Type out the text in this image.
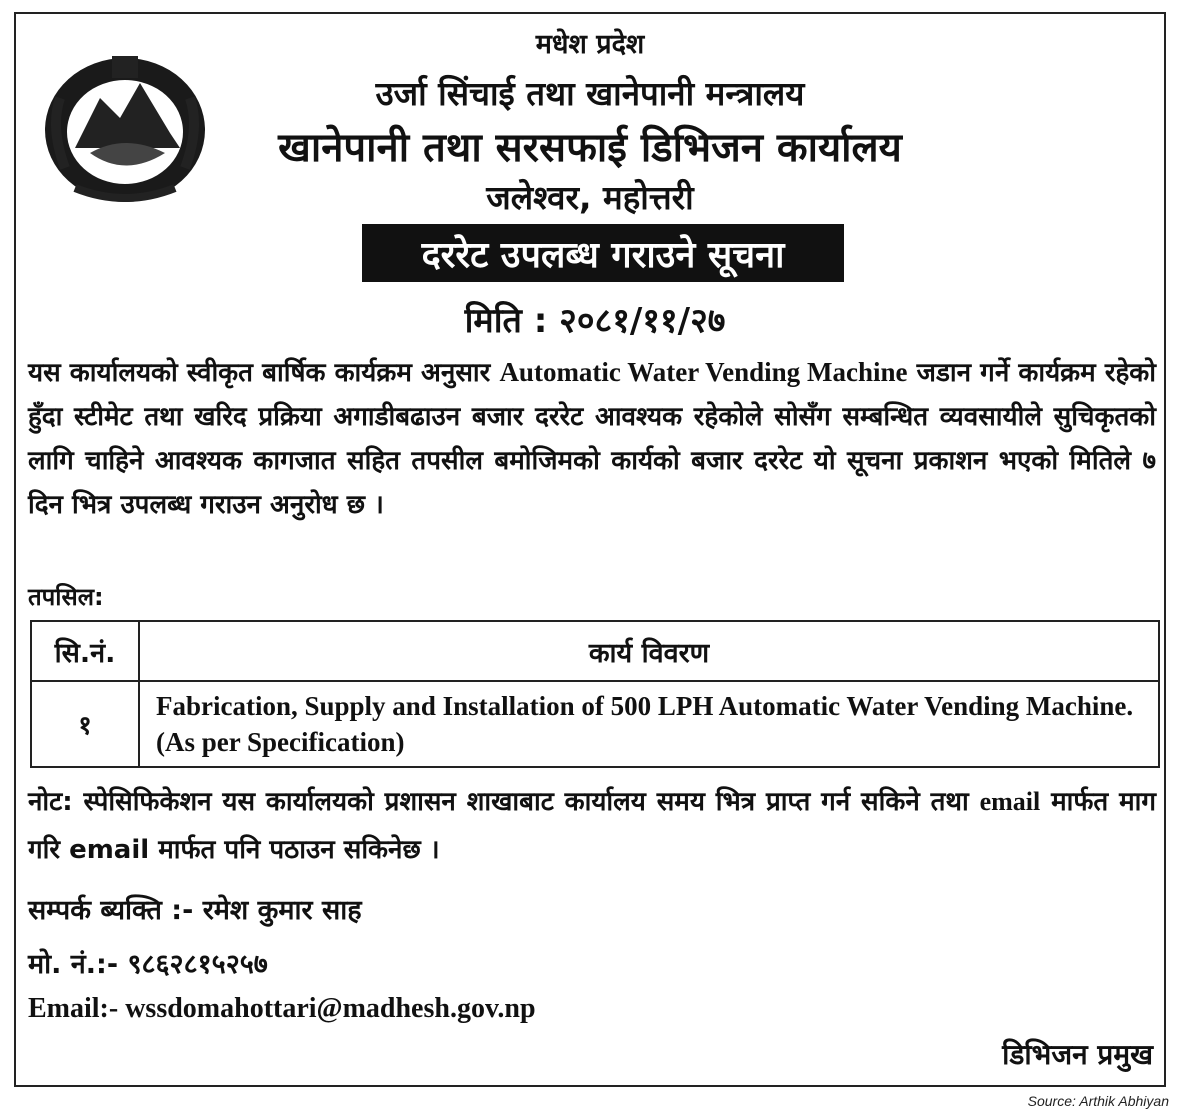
मधेश प्रदेश
उर्जा सिंचाई तथा खानेपानी मन्त्रालय
खानेपानी तथा सरसफाई डिभिजन कार्यालय
जलेश्वर, महोत्तरी
दररेट उपलब्ध गराउने सूचना
मिति : २०८१/११/२७
यस कार्यालयको स्वीकृत बार्षिक कार्यक्रम अनुसार Automatic Water Vending Machine जडान गर्ने कार्यक्रम रहेको हुँदा स्टीमेट तथा खरिद प्रक्रिया अगाडीबढाउन बजार दररेट आवश्यक रहेकोले सोसँग सम्बन्धित व्यवसायीले सुचिकृतको लागि चाहिने आवश्यक कागजात सहित तपसील बमोजिमको कार्यको बजार दररेट यो सूचना प्रकाशन भएको मितिले ७ दिन भित्र उपलब्ध गराउन अनुरोध छ ।
तपसिल:
सि.नं.	कार्य विवरण
१	Fabrication, Supply and Installation of 500 LPH Automatic Water Vending Machine. (As per Specification)
नोट: स्पेसिफिकेशन यस कार्यालयको प्रशासन शाखाबाट कार्यालय समय भित्र प्राप्त गर्न सकिने तथा email मार्फत माग गरि email मार्फत पनि पठाउन सकिनेछ ।
सम्पर्क ब्यक्ति :- रमेश कुमार साह
मो. नं.:- ९८६२८१५२५७
Email:- wssdomahottari@madhesh.gov.np
डिभिजन प्रमुख
Source: Arthik Abhiyan
